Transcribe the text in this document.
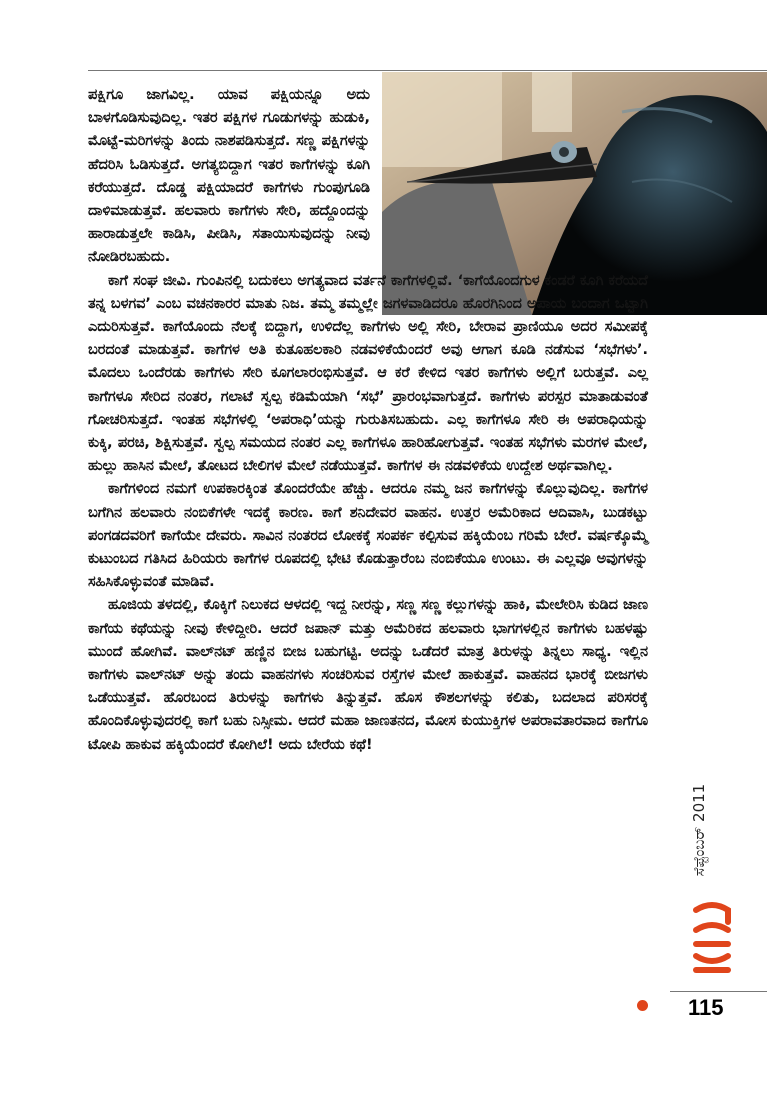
ಪಕ್ಷಿಗೂ ಜಾಗವಿಲ್ಲ. ಯಾವ ಪಕ್ಷಿಯನ್ನೂ ಅದು ಬಾಳಗೊಡಿಸುವುದಿಲ್ಲ. ಇತರ ಪಕ್ಷಿಗಳ ಗೂಡುಗಳನ್ನು ಹುಡುಕಿ, ಮೊಟ್ಟೆ-ಮರಿಗಳನ್ನು ತಿಂದು ನಾಶಪಡಿಸುತ್ತದೆ. ಸಣ್ಣ ಪಕ್ಷಿಗಳನ್ನು ಹೆದರಿಸಿ ಓಡಿಸುತ್ತದೆ. ಅಗತ್ಯಬಿದ್ದಾಗ ಇತರ ಕಾಗೆಗಳನ್ನು ಕೂಗಿ ಕರೆಯುತ್ತದೆ. ದೊಡ್ಡ ಪಕ್ಷಿಯಾದರೆ ಕಾಗೆಗಳು ಗುಂಪುಗೂಡಿ ದಾಳಿಮಾಡುತ್ತವೆ. ಹಲವಾರು ಕಾಗೆಗಳು ಸೇರಿ, ಹದ್ದೊಂದನ್ನು ಹಾರಾಡುತ್ತಲೇ ಕಾಡಿಸಿ, ಪೀಡಿಸಿ, ಸತಾಯಿಸುವುದನ್ನು ನೀವು ನೋಡಿರಬಹುದು.

ಕಾಗೆ ಸಂಘ ಜೀವಿ. ಗುಂಪಿನಲ್ಲಿ ಬದುಕಲು ಅಗತ್ಯವಾದ ವರ್ತನೆ ಕಾಗೆಗಳಲ್ಲಿವೆ. ‘ಕಾಗೆಯೊಂದಗುಳ ಕಂಡರೆ ಕೂಗಿ ಕರೆಯದೆ ತನ್ನ ಬಳಗವ’ ಎಂಬ ವಚನಕಾರರ ಮಾತು ನಿಜ. ತಮ್ಮ ತಮ್ಮಲ್ಲೇ ಜಗಳವಾಡಿದರೂ ಹೊರಗಿನಿಂದ ಅಪಾಯ ಬಂದಾಗ ಒಟ್ಟಾಗಿ ಎದುರಿಸುತ್ತವೆ. ಕಾಗೆಯೊಂದು ನೆಲಕ್ಕೆ ಬಿದ್ದಾಗ, ಉಳಿದೆಲ್ಲ ಕಾಗೆಗಳು ಅಲ್ಲಿ ಸೇರಿ, ಬೇರಾವ ಪ್ರಾಣಿಯೂ ಅದರ ಸಮೀಪಕ್ಕೆ ಬರದಂತೆ ಮಾಡುತ್ತವೆ. ಕಾಗೆಗಳ ಅತಿ ಕುತೂಹಲಕಾರಿ ನಡವಳಿಕೆಯೆಂದರೆ ಅವು ಆಗಾಗ ಕೂಡಿ ನಡೆಸುವ ‘ಸಭೆಗಳು’. ಮೊದಲು ಒಂದೆರಡು ಕಾಗೆಗಳು ಸೇರಿ ಕೂಗಲಾರಂಭಿಸುತ್ತವೆ. ಆ ಕರೆ ಕೇಳಿದ ಇತರ ಕಾಗೆಗಳು ಅಲ್ಲಿಗೆ ಬರುತ್ತವೆ. ಎಲ್ಲ ಕಾಗೆಗಳೂ ಸೇರಿದ ನಂತರ, ಗಲಾಟೆ ಸ್ವಲ್ಪ ಕಡಿಮೆಯಾಗಿ ‘ಸಭೆ’ ಪ್ರಾರಂಭವಾಗುತ್ತದೆ. ಕಾಗೆಗಳು ಪರಸ್ಪರ ಮಾತಾಡುವಂತೆ ಗೋಚರಿಸುತ್ತದೆ. ಇಂತಹ ಸಭೆಗಳಲ್ಲಿ ‘ಅಪರಾಧಿ’ಯನ್ನು ಗುರುತಿಸಬಹುದು. ಎಲ್ಲ ಕಾಗೆಗಳೂ ಸೇರಿ ಈ ಅಪರಾಧಿಯನ್ನು ಕುಕ್ಕಿ, ಪರಚಿ, ಶಿಕ್ಷಿಸುತ್ತವೆ. ಸ್ವಲ್ಪ ಸಮಯದ ನಂತರ ಎಲ್ಲ ಕಾಗೆಗಳೂ ಹಾರಿಹೋಗುತ್ತವೆ. ಇಂತಹ ಸಭೆಗಳು ಮರಗಳ ಮೇಲೆ, ಹುಲ್ಲು ಹಾಸಿನ ಮೇಲೆ, ತೋಟದ ಬೇಲಿಗಳ ಮೇಲೆ ನಡೆಯುತ್ತವೆ. ಕಾಗೆಗಳ ಈ ನಡವಳಿಕೆಯ ಉದ್ದೇಶ ಅರ್ಥವಾಗಿಲ್ಲ.

ಕಾಗೆಗಳಿಂದ ನಮಗೆ ಉಪಕಾರಕ್ಕಿಂತ ತೊಂದರೆಯೇ ಹೆಚ್ಚು. ಆದರೂ ನಮ್ಮ ಜನ ಕಾಗೆಗಳನ್ನು ಕೊಲ್ಲುವುದಿಲ್ಲ. ಕಾಗೆಗಳ ಬಗೆಗಿನ ಹಲವಾರು ನಂಬಿಕೆಗಳೇ ಇದಕ್ಕೆ ಕಾರಣ. ಕಾಗೆ ಶನಿದೇವರ ವಾಹನ. ಉತ್ತರ ಅಮೆರಿಕಾದ ಆದಿವಾಸಿ, ಬುಡಕಟ್ಟು ಪಂಗಡದವರಿಗೆ ಕಾಗೆಯೇ ದೇವರು. ಸಾವಿನ ನಂತರದ ಲೋಕಕ್ಕೆ ಸಂಪರ್ಕ ಕಲ್ಪಿಸುವ ಹಕ್ಕಿಯೆಂಬ ಗರಿಮೆ ಬೇರೆ. ವರ್ಷಕ್ಕೊಮ್ಮೆ ಕುಟುಂಬದ ಗತಿಸಿದ ಹಿರಿಯರು ಕಾಗೆಗಳ ರೂಪದಲ್ಲಿ ಭೇಟಿ ಕೊಡುತ್ತಾರೆಂಬ ನಂಬಿಕೆಯೂ ಉಂಟು. ಈ ಎಲ್ಲವೂ ಅವುಗಳನ್ನು ಸಹಿಸಿಕೊಳ್ಳುವಂತೆ ಮಾಡಿವೆ.

ಹೂಜಿಯ ತಳದಲ್ಲಿ, ಕೊಕ್ಕಿಗೆ ನಿಲುಕದ ಆಳದಲ್ಲಿ ಇದ್ದ ನೀರನ್ನು, ಸಣ್ಣ ಸಣ್ಣ ಕಲ್ಲುಗಳನ್ನು ಹಾಕಿ, ಮೇಲೇರಿಸಿ ಕುಡಿದ ಜಾಣ ಕಾಗೆಯ ಕಥೆಯನ್ನು ನೀವು ಕೇಳಿದ್ದೀರಿ. ಆದರೆ ಜಪಾನ್ ಮತ್ತು ಅಮೆರಿಕದ ಹಲವಾರು ಭಾಗಗಳಲ್ಲಿನ ಕಾಗೆಗಳು ಬಹಳಷ್ಟು ಮುಂದೆ ಹೋಗಿವೆ. ವಾಲ್‌ನಟ್ ಹಣ್ಣಿನ ಬೀಜ ಬಹುಗಟ್ಟಿ. ಅದನ್ನು ಒಡೆದರೆ ಮಾತ್ರ ತಿರುಳನ್ನು ತಿನ್ನಲು ಸಾಧ್ಯ. ಇಲ್ಲಿನ ಕಾಗೆಗಳು ವಾಲ್‌ನಟ್ ಅನ್ನು ತಂದು ವಾಹನಗಳು ಸಂಚರಿಸುವ ರಸ್ತೆಗಳ ಮೇಲೆ ಹಾಕುತ್ತವೆ. ವಾಹನದ ಭಾರಕ್ಕೆ ಬೀಜಗಳು ಒಡೆಯುತ್ತವೆ. ಹೊರಬಂದ ತಿರುಳನ್ನು ಕಾಗೆಗಳು ತಿನ್ನುತ್ತವೆ. ಹೊಸ ಕೌಶಲಗಳನ್ನು ಕಲಿತು, ಬದಲಾದ ಪರಿಸರಕ್ಕೆ ಹೊಂದಿಕೊಳ್ಳುವುದರಲ್ಲಿ ಕಾಗೆ ಬಹು ನಿಸ್ಸೀಮ. ಆದರೆ ಮಹಾ ಜಾಣತನದ, ಮೋಸ ಕುಯುಕ್ತಿಗಳ ಅಪರಾವತಾರವಾದ ಕಾಗೆಗೂ ಟೋಪಿ ಹಾಕುವ ಹಕ್ಕಿಯೆಂದರೆ ಕೋಗಿಲೆ! ಅದು ಬೇರೆಯ ಕಥೆ!

ಸೆಪ್ಟೆಂಬರ್ 2011
115
